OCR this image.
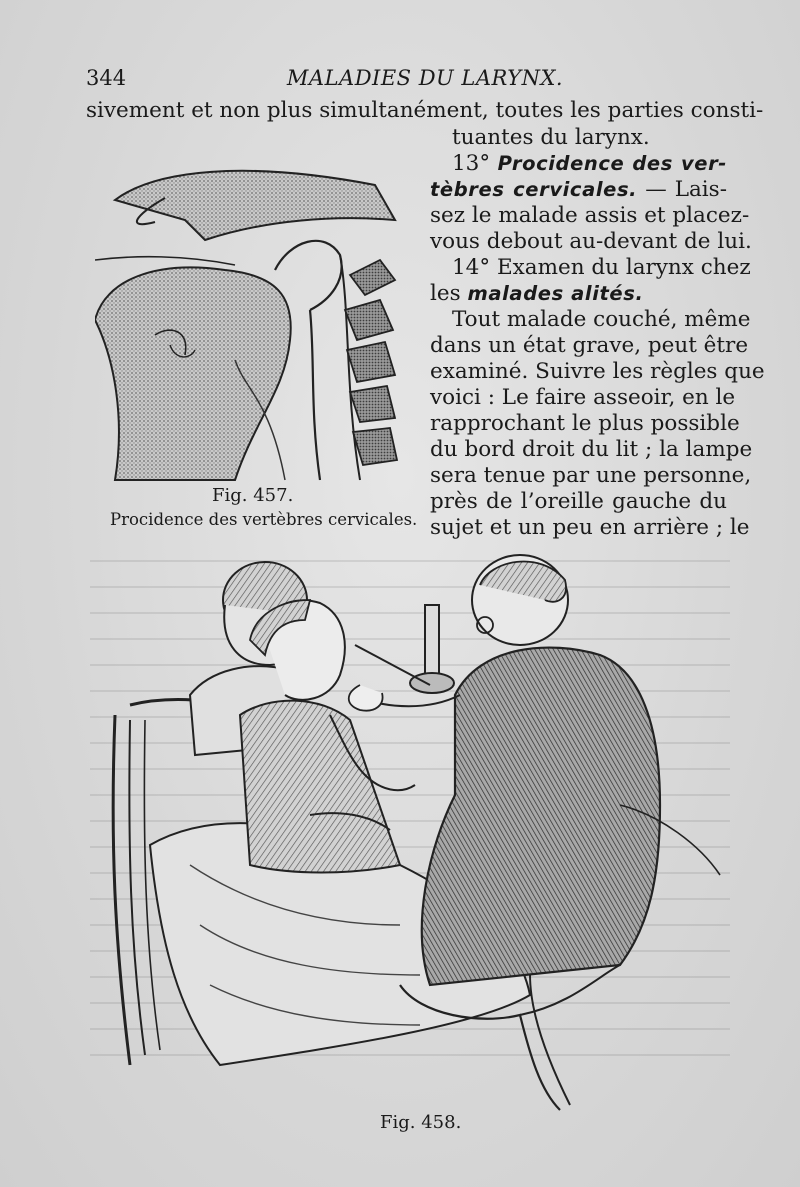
344	MALADIES DU LARYNX.
sivement et non plus simultanément, toutes les parties consti-
tuantes du larynx.
13° Procidence des ver-
tèbres cervicales. — Lais-
sez le malade assis et placez-
vous debout au-devant de lui.
14° Examen du larynx chez
les malades alités.
Tout malade couché, même
dans un état grave, peut être
examiné. Suivre les règles que
voici : Le faire asseoir, en le
rapprochant le plus possible
du bord droit du lit ; la lampe
sera tenue par une personne,
près de l’oreille gauche du
sujet et un peu en arrière ; le
Fig. 457.
Procidence des vertèbres cervicales.
Fig. 458.
